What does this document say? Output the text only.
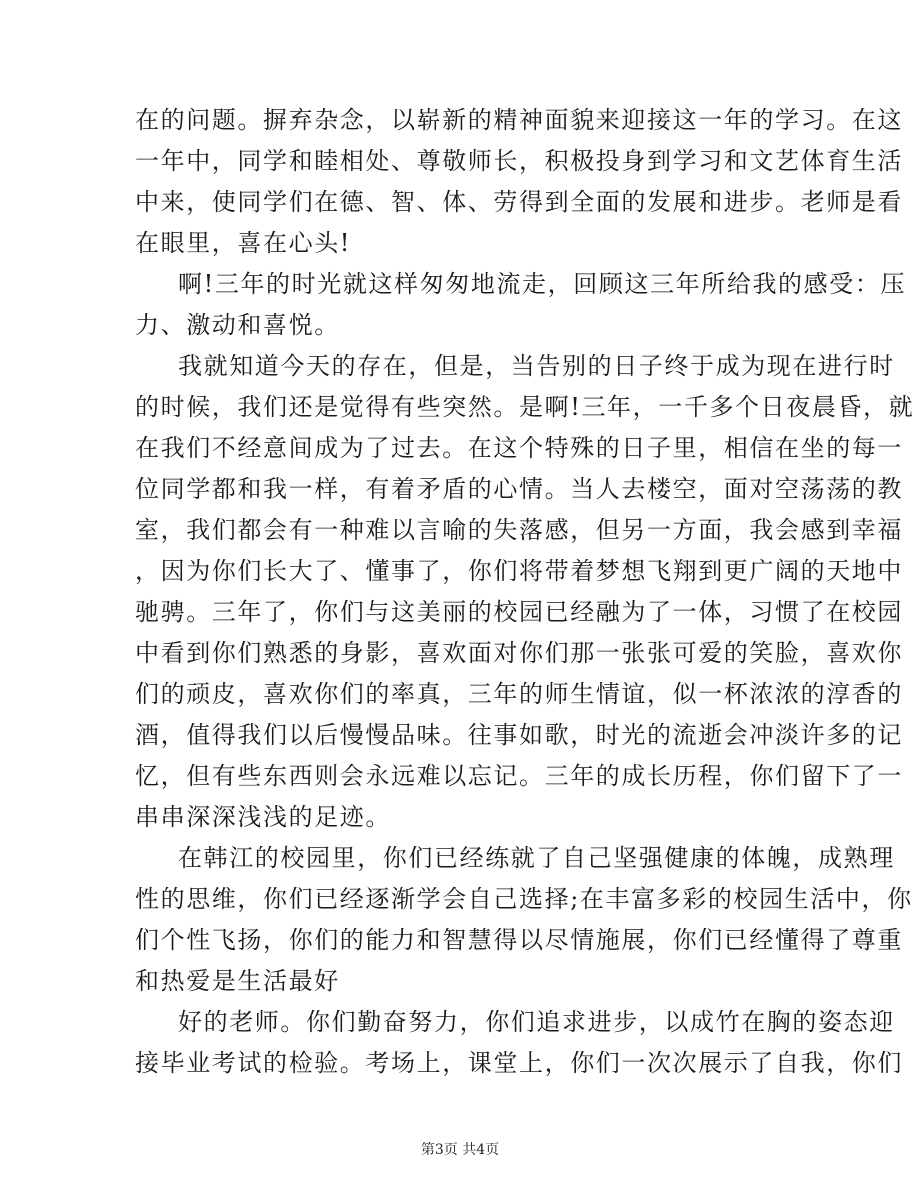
在的问题。摒弃杂念，以崭新的精神面貌来迎接这一年的学习。在这
一年中，同学和睦相处、尊敬师长，积极投身到学习和文艺体育生活
中来，使同学们在德、智、体、劳得到全面的发展和进步。老师是看
在眼里，喜在心头!
啊!三年的时光就这样匆匆地流走，回顾这三年所给我的感受：压
力、激动和喜悦。
我就知道今天的存在，但是，当告别的日子终于成为现在进行时
的时候，我们还是觉得有些突然。是啊!三年，一千多个日夜晨昏，就
在我们不经意间成为了过去。在这个特殊的日子里，相信在坐的每一
位同学都和我一样，有着矛盾的心情。当人去楼空，面对空荡荡的教
室，我们都会有一种难以言喻的失落感，但另一方面，我会感到幸福
，因为你们长大了、懂事了，你们将带着梦想飞翔到更广阔的天地中
驰骋。三年了，你们与这美丽的校园已经融为了一体，习惯了在校园
中看到你们熟悉的身影，喜欢面对你们那一张张可爱的笑脸，喜欢你
们的顽皮，喜欢你们的率真，三年的师生情谊，似一杯浓浓的淳香的
酒，值得我们以后慢慢品味。往事如歌，时光的流逝会冲淡许多的记
忆，但有些东西则会永远难以忘记。三年的成长历程，你们留下了一
串串深深浅浅的足迹。
在韩江的校园里，你们已经练就了自己坚强健康的体魄，成熟理
性的思维，你们已经逐渐学会自己选择;在丰富多彩的校园生活中，你
们个性飞扬，你们的能力和智慧得以尽情施展，你们已经懂得了尊重
和热爱是生活最好
好的老师。你们勤奋努力，你们追求进步，以成竹在胸的姿态迎
接毕业考试的检验。考场上，课堂上，你们一次次展示了自我，你们
第3页 共4页
